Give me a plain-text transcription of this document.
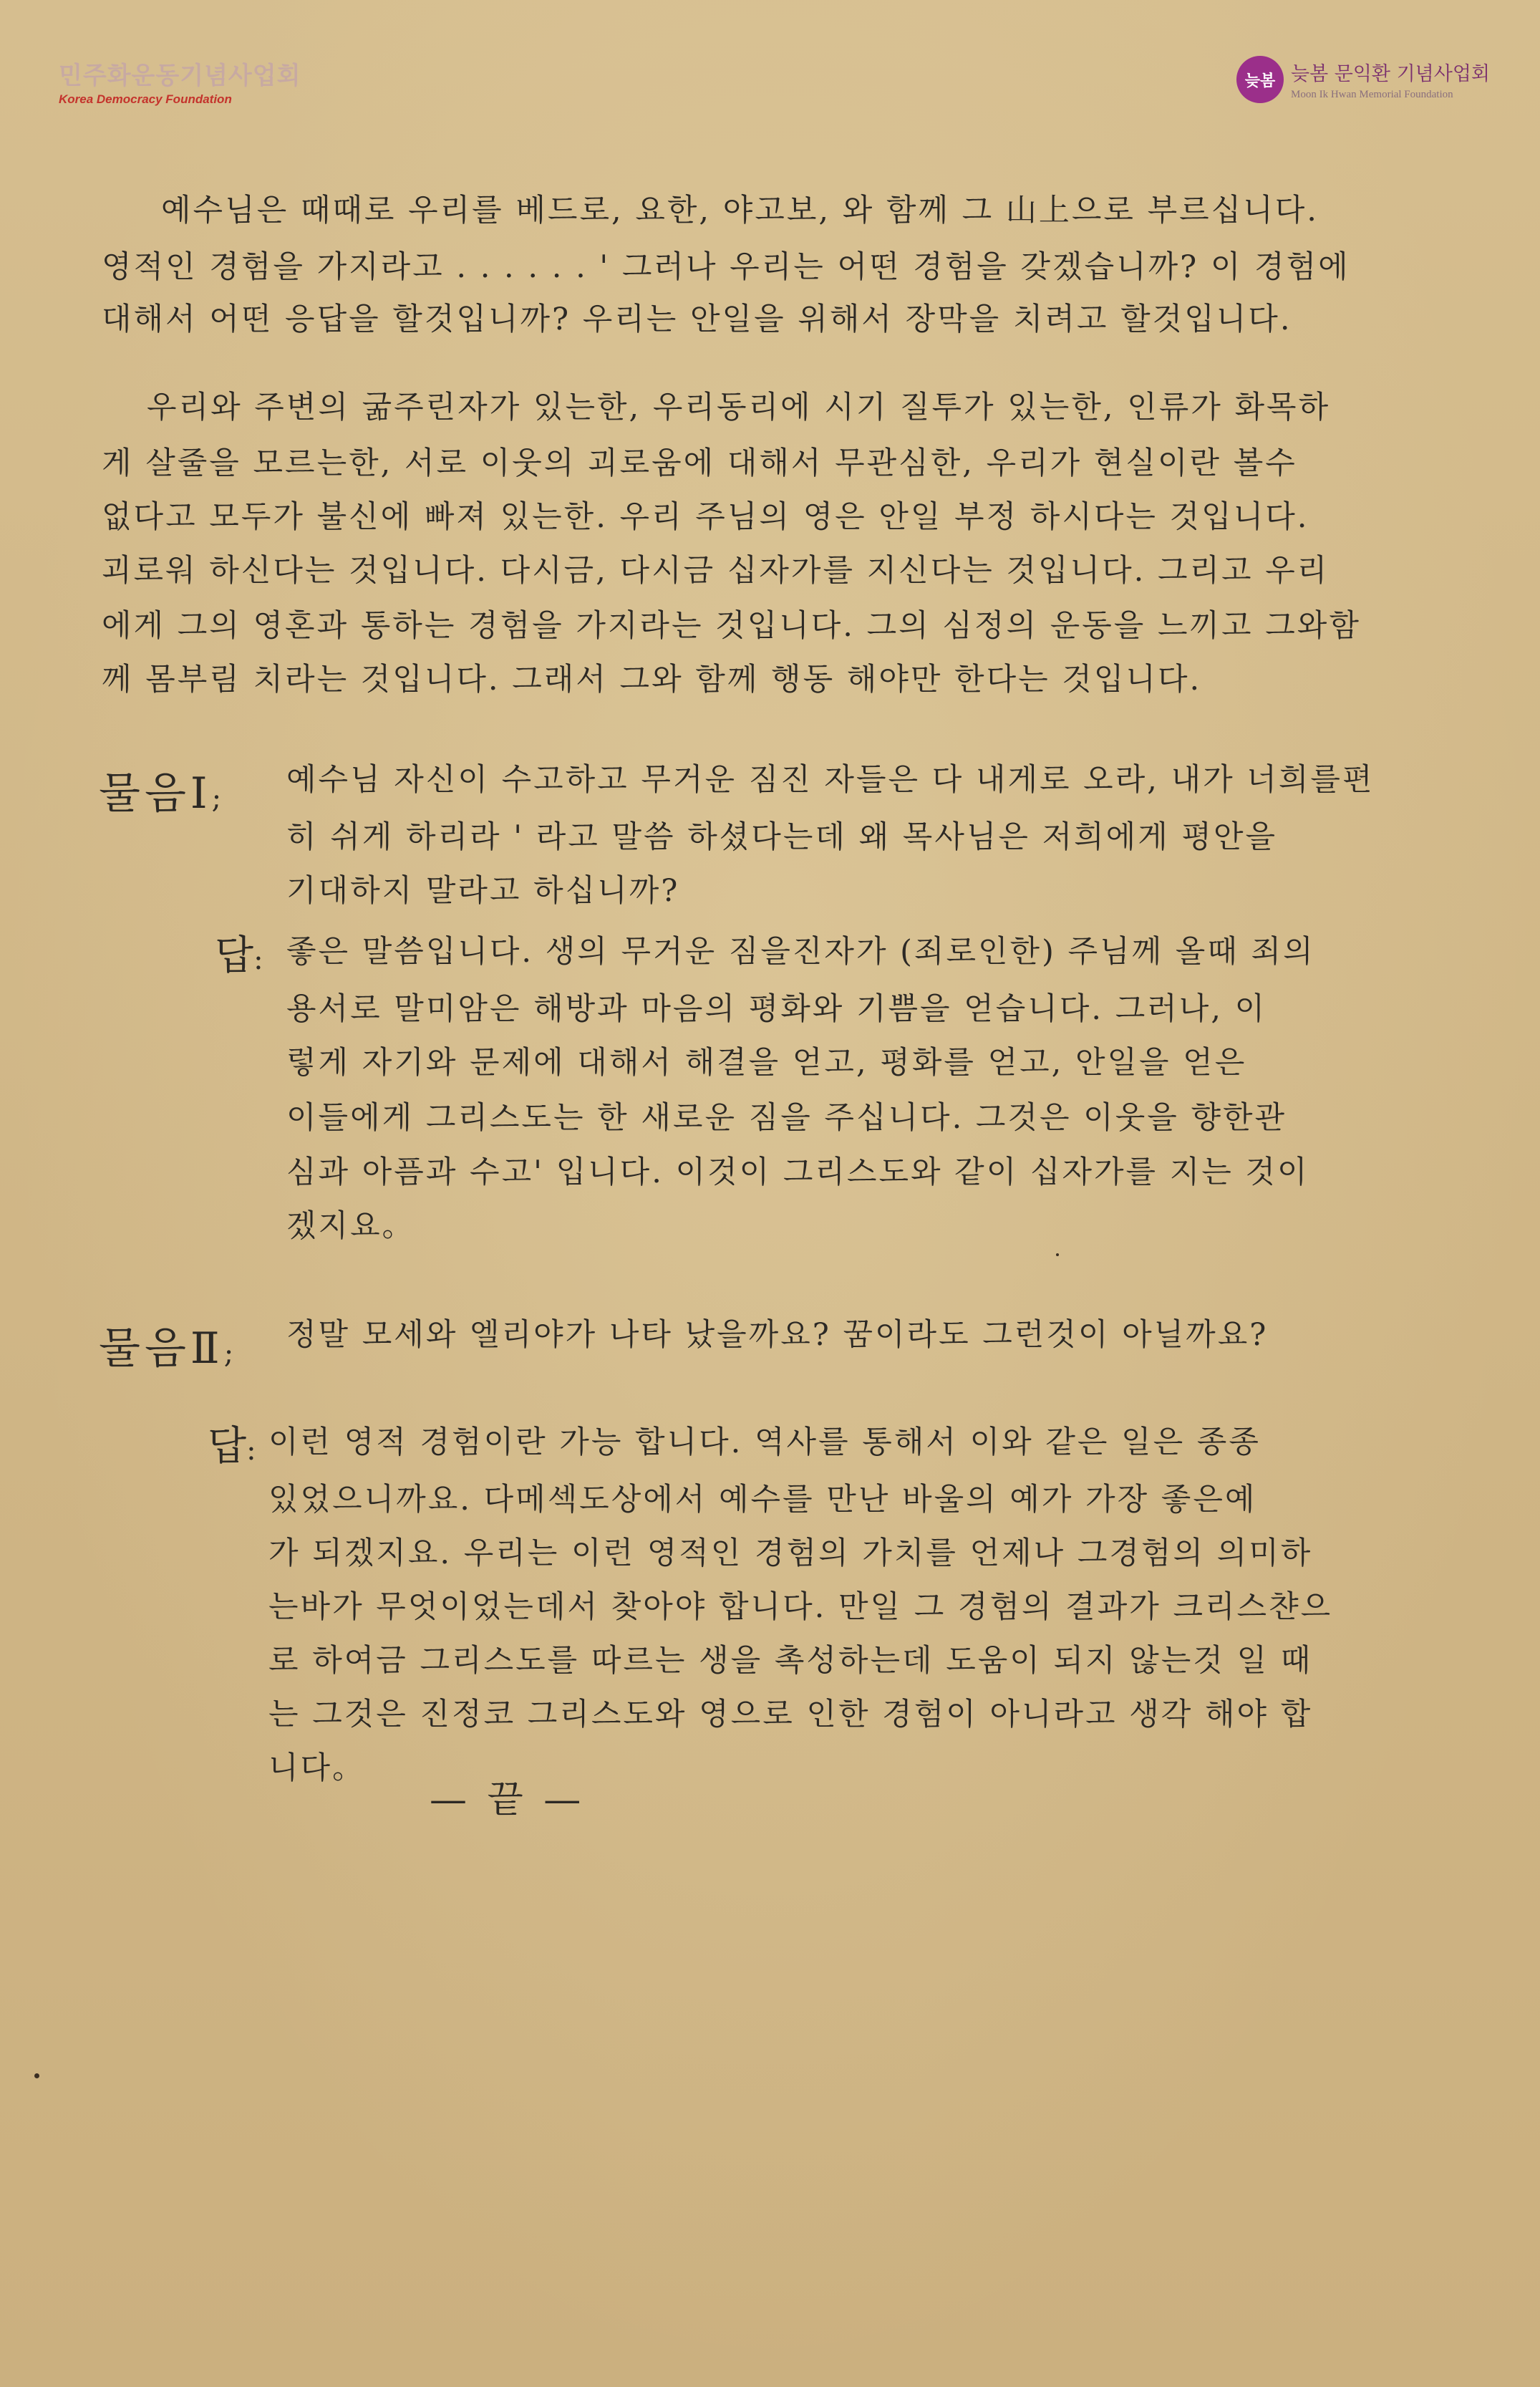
민주화운동기념사업회
Korea Democracy Foundation
늦봄 늦봄 문익환 기념사업회
Moon Ik Hwan Memorial Foundation
예수님은 때때로 우리를 베드로, 요한, 야고보, 와 함께 그 山上으로 부르십니다.
영적인 경험을 가지라고 . . . . . . ' 그러나 우리는 어떤 경험을 갖겠습니까? 이 경험에
대해서 어떤 응답을 할것입니까? 우리는 안일을 위해서 장막을 치려고 할것입니다.
우리와 주변의 굶주린자가 있는한, 우리동리에 시기 질투가 있는한, 인류가 화목하
게 살줄을 모르는한, 서로 이웃의 괴로움에 대해서 무관심한, 우리가 현실이란 볼수
없다고 모두가 불신에 빠져 있는한. 우리 주님의 영은 안일 부정 하시다는 것입니다.
괴로워 하신다는 것입니다. 다시금, 다시금 십자가를 지신다는 것입니다. 그리고 우리
에게 그의 영혼과 통하는 경험을 가지라는 것입니다. 그의 심정의 운동을 느끼고 그와함
께 몸부림 치라는 것입니다. 그래서 그와 함께 행동 해야만 한다는 것입니다.
물음Ⅰ;
예수님 자신이 수고하고 무거운 짐진 자들은 다 내게로 오라, 내가 너희를편
히 쉬게 하리라 ' 라고 말씀 하셨다는데 왜 목사님은 저희에게 평안을
기대하지 말라고 하십니까?
답: 좋은 말씀입니다. 생의 무거운 짐을진자가 (죄로인한) 주님께 올때 죄의
용서로 말미암은 해방과 마음의 평화와 기쁨을 얻습니다. 그러나, 이
렇게 자기와 문제에 대해서 해결을 얻고, 평화를 얻고, 안일을 얻은
이들에게 그리스도는 한 새로운 짐을 주십니다. 그것은 이웃을 향한관
심과 아픔과 수고' 입니다. 이것이 그리스도와 같이 십자가를 지는 것이
겠지요。
물음Ⅱ;
정말 모세와 엘리야가 나타 났을까요? 꿈이라도 그런것이 아닐까요?
답: 이런 영적 경험이란 가능 합니다. 역사를 통해서 이와 같은 일은 종종
있었으니까요. 다메섹도상에서 예수를 만난 바울의 예가 가장 좋은예
가 되겠지요. 우리는 이런 영적인 경험의 가치를 언제나 그경험의 의미하
는바가 무엇이었는데서 찾아야 합니다. 만일 그 경험의 결과가 크리스챤으
로 하여금 그리스도를 따르는 생을 촉성하는데 도움이 되지 않는것 일 때
는 그것은 진정코 그리스도와 영으로 인한 경험이 아니라고 생각 해야 합
니다。
— 끝 —
